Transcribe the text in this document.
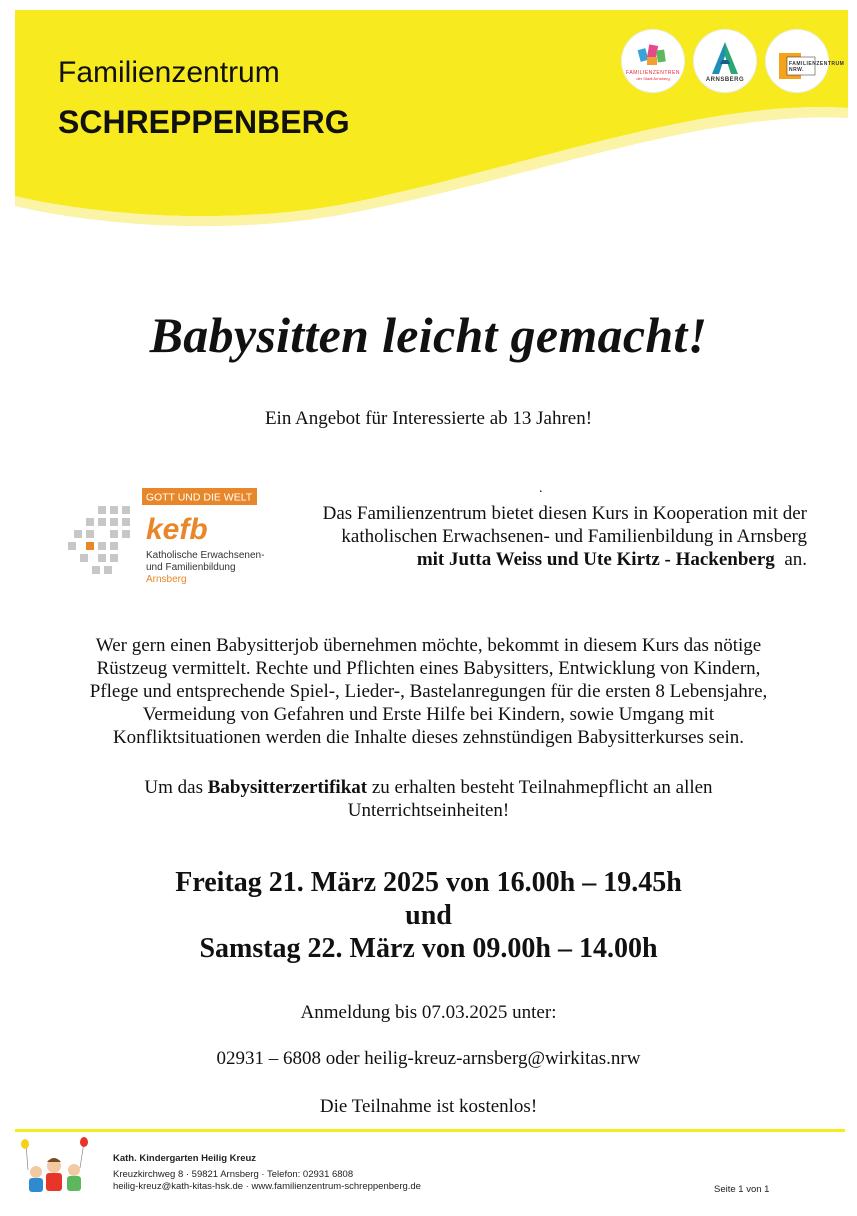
Familienzentrum
SCHREPPENBERG
FAMILIENZENTREN
der Stadt Arnsberg	ARNSBERG
FAMILIENZENTRUM NRW.
Babysitten leicht gemacht!
Ein Angebot für Interessierte ab 13 Jahren!
.
GOTT UND DIE WELT
kefb
Katholische Erwachsenen-
und Familienbildung
Arnsberg
Das Familienzentrum bietet diesen Kurs in Kooperation mit der
katholischen Erwachsenen- und Familienbildung in Arnsberg
mit Jutta Weiss und Ute Kirtz - Hackenberg  an.
Wer gern einen Babysitterjob übernehmen möchte, bekommt in diesem Kurs das nötige
Rüstzeug vermittelt. Rechte und Pflichten eines Babysitters, Entwicklung von Kindern,
Pflege und entsprechende Spiel-, Lieder-, Bastelanregungen für die ersten 8 Lebensjahre,
Vermeidung von Gefahren und Erste Hilfe bei Kindern, sowie Umgang mit
Konfliktsituationen werden die Inhalte dieses zehnstündigen Babysitterkurses sein.
Um das Babysitterzertifikat zu erhalten besteht Teilnahmepflicht an allen
Unterrichtseinheiten!
Freitag 21. März 2025 von 16.00h – 19.45h
und
Samstag 22. März von 09.00h – 14.00h
Anmeldung bis 07.03.2025 unter:
02931 – 6808 oder heilig-kreuz-arnsberg@wirkitas.nrw
Die Teilnahme ist kostenlos!
Kath. Kindergarten Heilig Kreuz
Kreuzkirchweg 8 · 59821 Arnsberg · Telefon: 02931 6808
heilig-kreuz@kath-kitas-hsk.de · www.familienzentrum-schreppenberg.de	Seite 1 von 1
